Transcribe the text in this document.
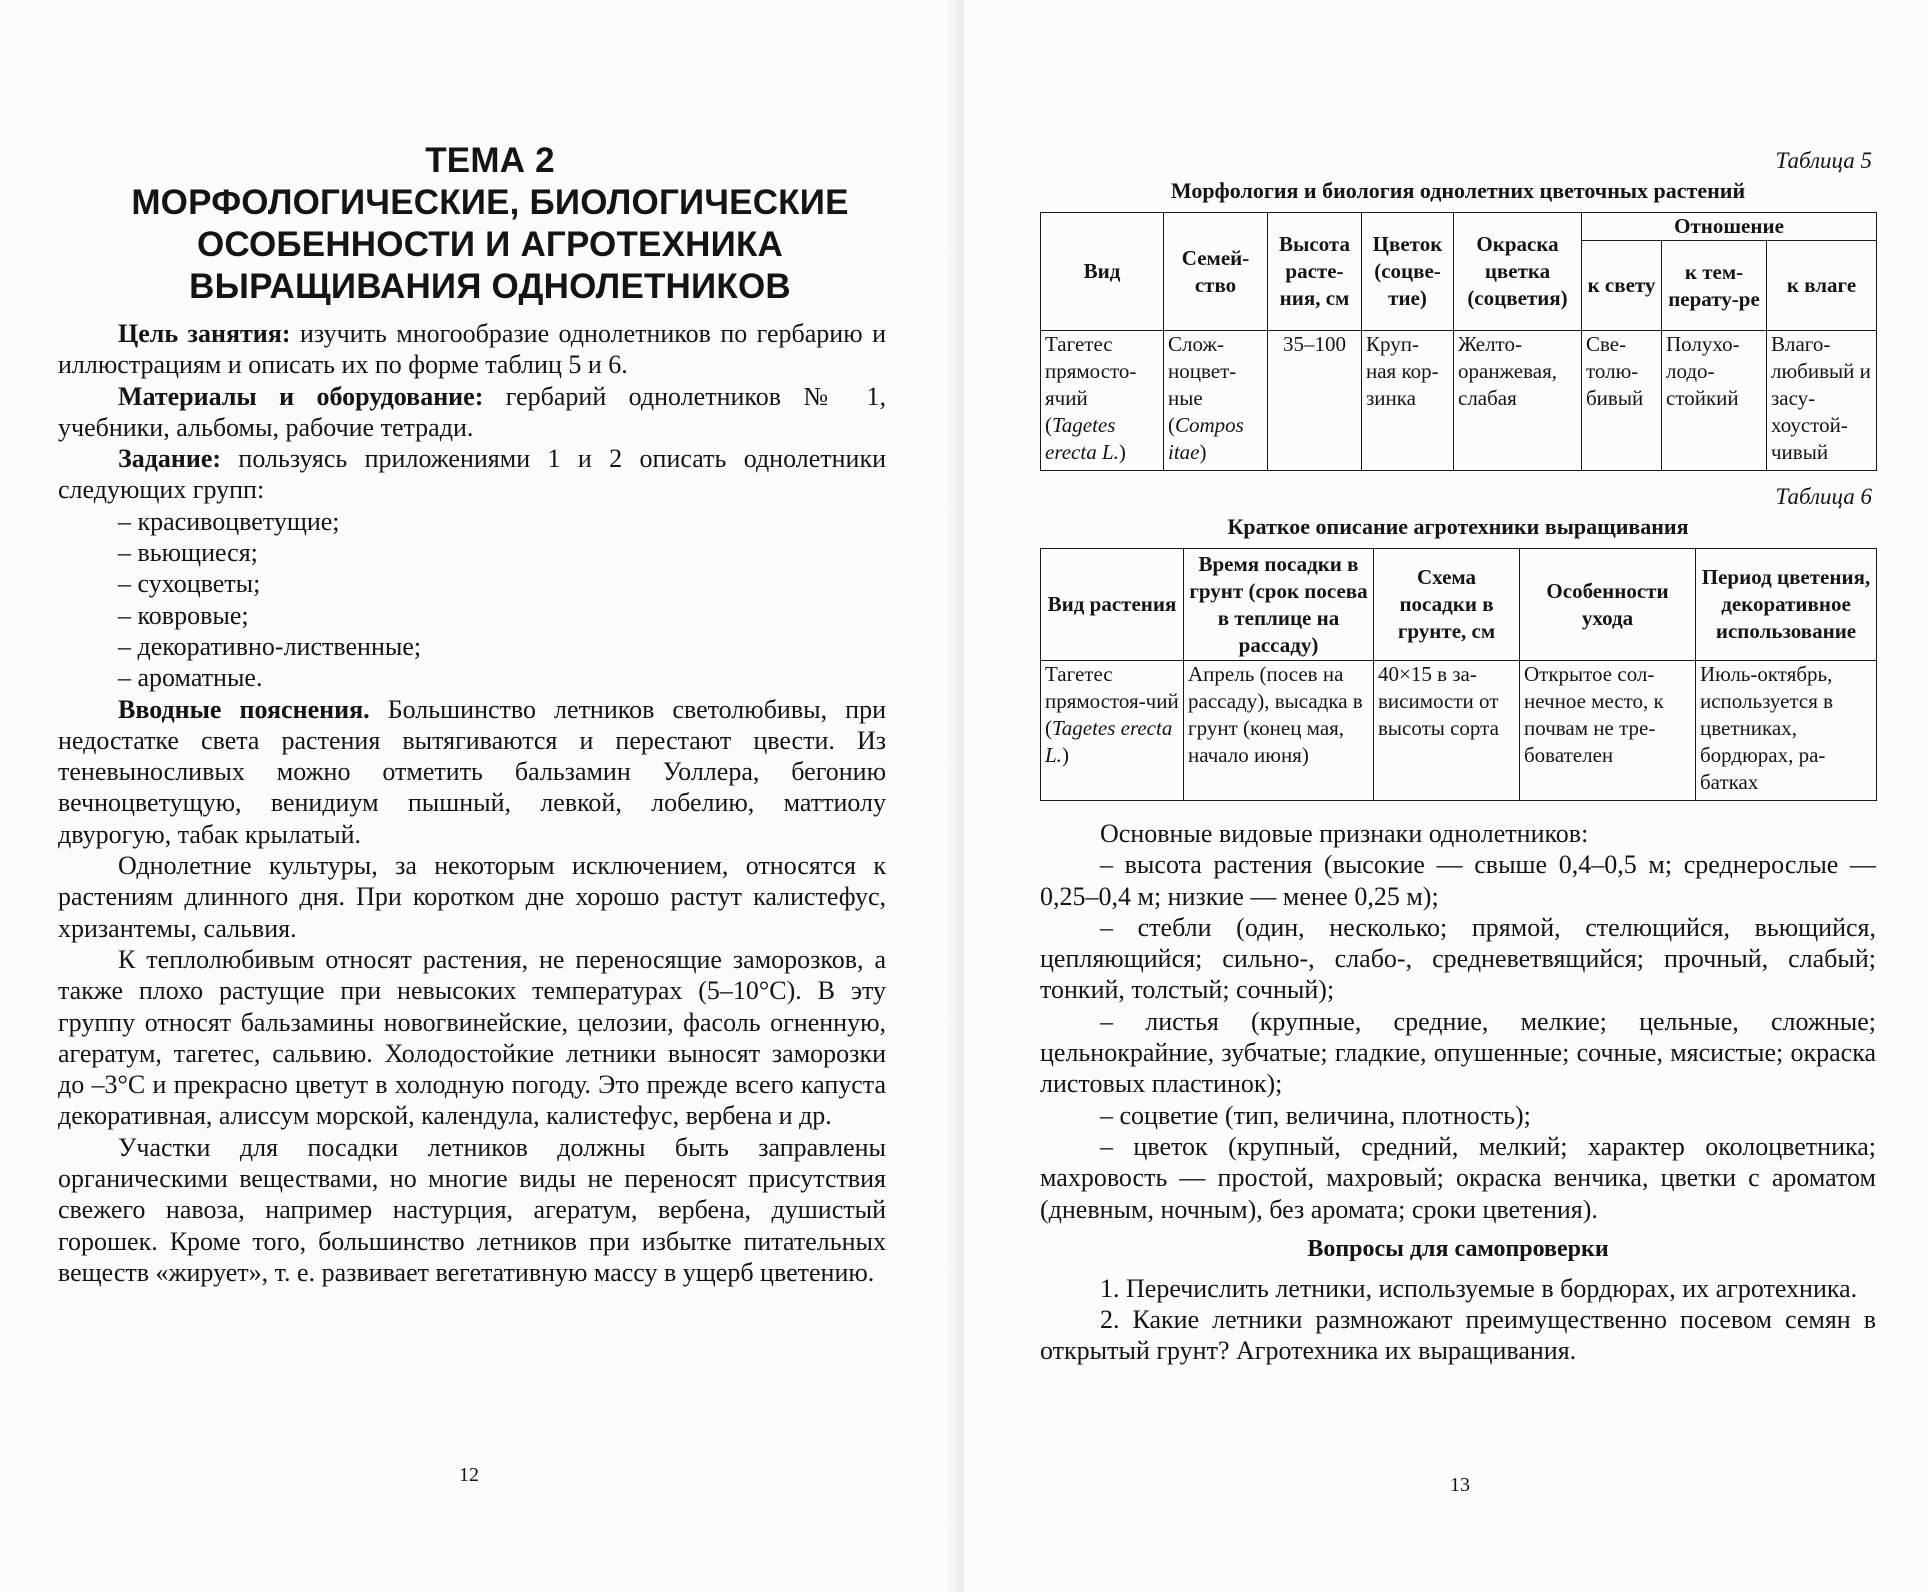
ТЕМА 2
МОРФОЛОГИЧЕСКИЕ, БИОЛОГИЧЕСКИЕ
ОСОБЕННОСТИ И АГРОТЕХНИКА
ВЫРАЩИВАНИЯ ОДНОЛЕТНИКОВ

Цель занятия: изучить многообразие однолетников по гербарию и иллюстрациям и описать их по форме таблиц 5 и 6.

Материалы и оборудование: гербарий однолетников № 1, учебники, альбомы, рабочие тетради.

Задание: пользуясь приложениями 1 и 2 описать однолетники следующих групп:

– красивоцветущие;
– вьющиеся;
– сухоцветы;
– ковровые;
– декоративно-лиственные;
– ароматные.

Вводные пояснения. Большинство летников светолюбивы, при недостатке света растения вытягиваются и перестают цвести. Из теневыносливых можно отметить бальзамин Уоллера, бегонию вечноцветущую, венидиум пышный, левкой, лобелию, маттиолу двурогую, табак крылатый.

Однолетние культуры, за некоторым исключением, относятся к растениям длинного дня. При коротком дне хорошо растут калистефус, хризантемы, сальвия.

К теплолюбивым относят растения, не переносящие заморозков, а также плохо растущие при невысоких температурах (5–10°C). В эту группу относят бальзамины новогвинейские, целозии, фасоль огненную, агератум, тагетес, сальвию. Холодостойкие летники выносят заморозки до –3°C и прекрасно цветут в холодную погоду. Это прежде всего капуста декоративная, алиссум морской, календула, калистефус, вербена и др.

Участки для посадки летников должны быть заправлены органическими веществами, но многие виды не переносят присутствия свежего навоза, например настурция, агератум, вербена, душистый горошек. Кроме того, большинство летников при избытке питательных веществ «жирует», т. е. развивает вегетативную массу в ущерб цветению.

12
Таблица 5
Морфология и биология однолетних цветочных растений
Вид	Семей-ство	Высота расте-ния, см	Цветок (соцве-тие)	Окраска цветка (соцветия)	Отношение		
					к свету	к тем-перату-ре	к влаге
Тагетес прямосто-ячий (Tagetes erecta L.)	Слож-ноцвет-ные (Compos itae)	35–100	Круп-ная кор-зинка	Желто-оранжевая, слабая	Све-толю-бивый	Полухо-лодо-стойкий	Влаго-любивый и засу-хоустой-чивый
Таблица 6
Краткое описание агротехники выращивания
Вид растения	Время посадки в грунт (срок посева в теплице на рассаду)	Схема посадки в грунте, см	Особенности ухода	Период цветения, декоративное использование
Тагетес прямостоя-чий (Tagetes erecta L.)	Апрель (посев на рассаду), высадка в грунт (конец мая, начало июня)	40×15 в за-висимости от высоты сорта	Открытое сол-нечное место, к почвам не тре-бователен	Июль-октябрь, используется в цветниках, бордюрах, ра-батках

Основные видовые признаки однолетников:

– высота растения (высокие — свыше 0,4–0,5 м; среднерослые — 0,25–0,4 м; низкие — менее 0,25 м);

– стебли (один, несколько; прямой, стелющийся, вьющийся, цепляющийся; сильно-, слабо-, средневетвящийся; прочный, слабый; тонкий, толстый; сочный);

– листья (крупные, средние, мелкие; цельные, сложные; цельнокрайние, зубчатые; гладкие, опушенные; сочные, мясистые; окраска листовых пластинок);

– соцветие (тип, величина, плотность);

– цветок (крупный, средний, мелкий; характер околоцветника; махровость — простой, махровый; окраска венчика, цветки с ароматом (дневным, ночным), без аромата; сроки цветения).

Вопросы для самопроверки

1. Перечислить летники, используемые в бордюрах, их агротехника.

2. Какие летники размножают преимущественно посевом семян в открытый грунт? Агротехника их выращивания.

13
